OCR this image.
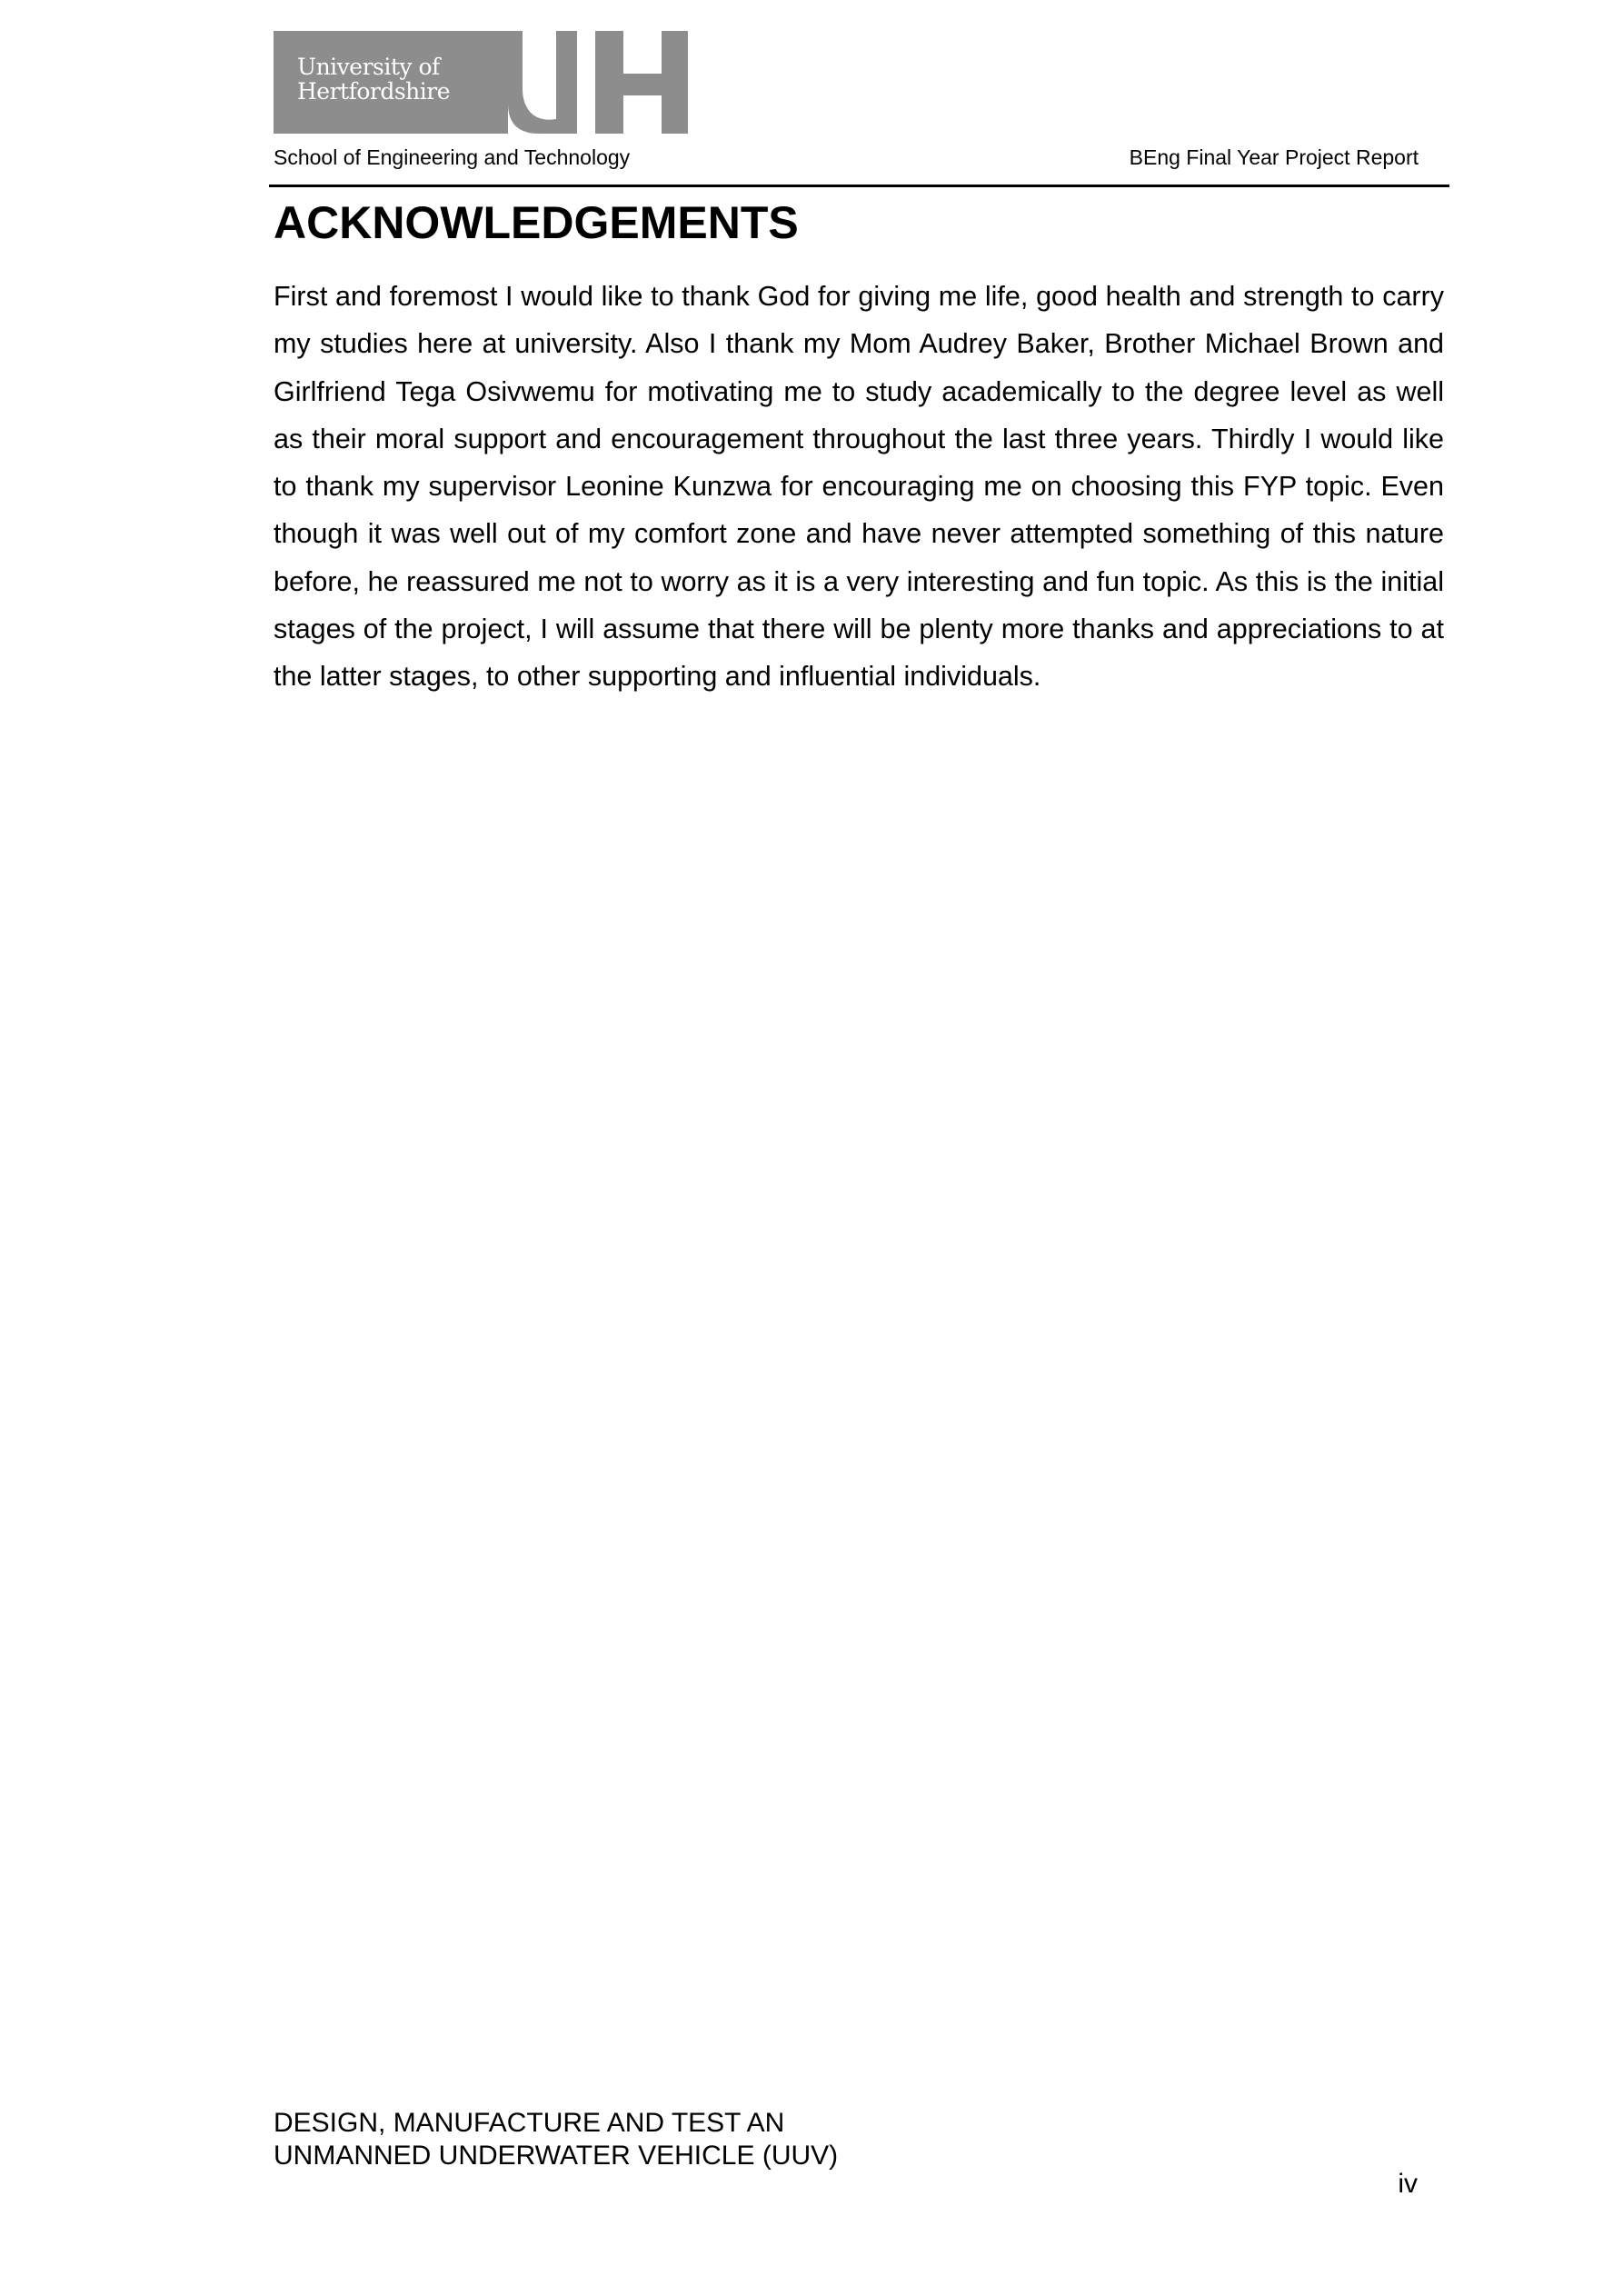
University of
Hertfordshire
School of Engineering and Technology	BEng Final Year Project Report
ACKNOWLEDGEMENTS

First and foremost I would like to thank God for giving me life, good health and strength to carry my studies here at university. Also I thank my Mom Audrey Baker, Brother Michael Brown and Girlfriend Tega Osivwemu for motivating me to study academically to the degree level as well as their moral support and encouragement throughout the last three years. Thirdly I would like to thank my supervisor Leonine Kunzwa for encouraging me on choosing this FYP topic. Even though it was well out of my comfort zone and have never attempted something of this nature before, he reassured me not to worry as it is a very interesting and fun topic. As this is the initial stages of the project, I will assume that there will be plenty more thanks and appreciations to at the latter stages, to other supporting and influential individuals.

DESIGN, MANUFACTURE AND TEST AN
UNMANNED UNDERWATER VEHICLE (UUV)
iv
